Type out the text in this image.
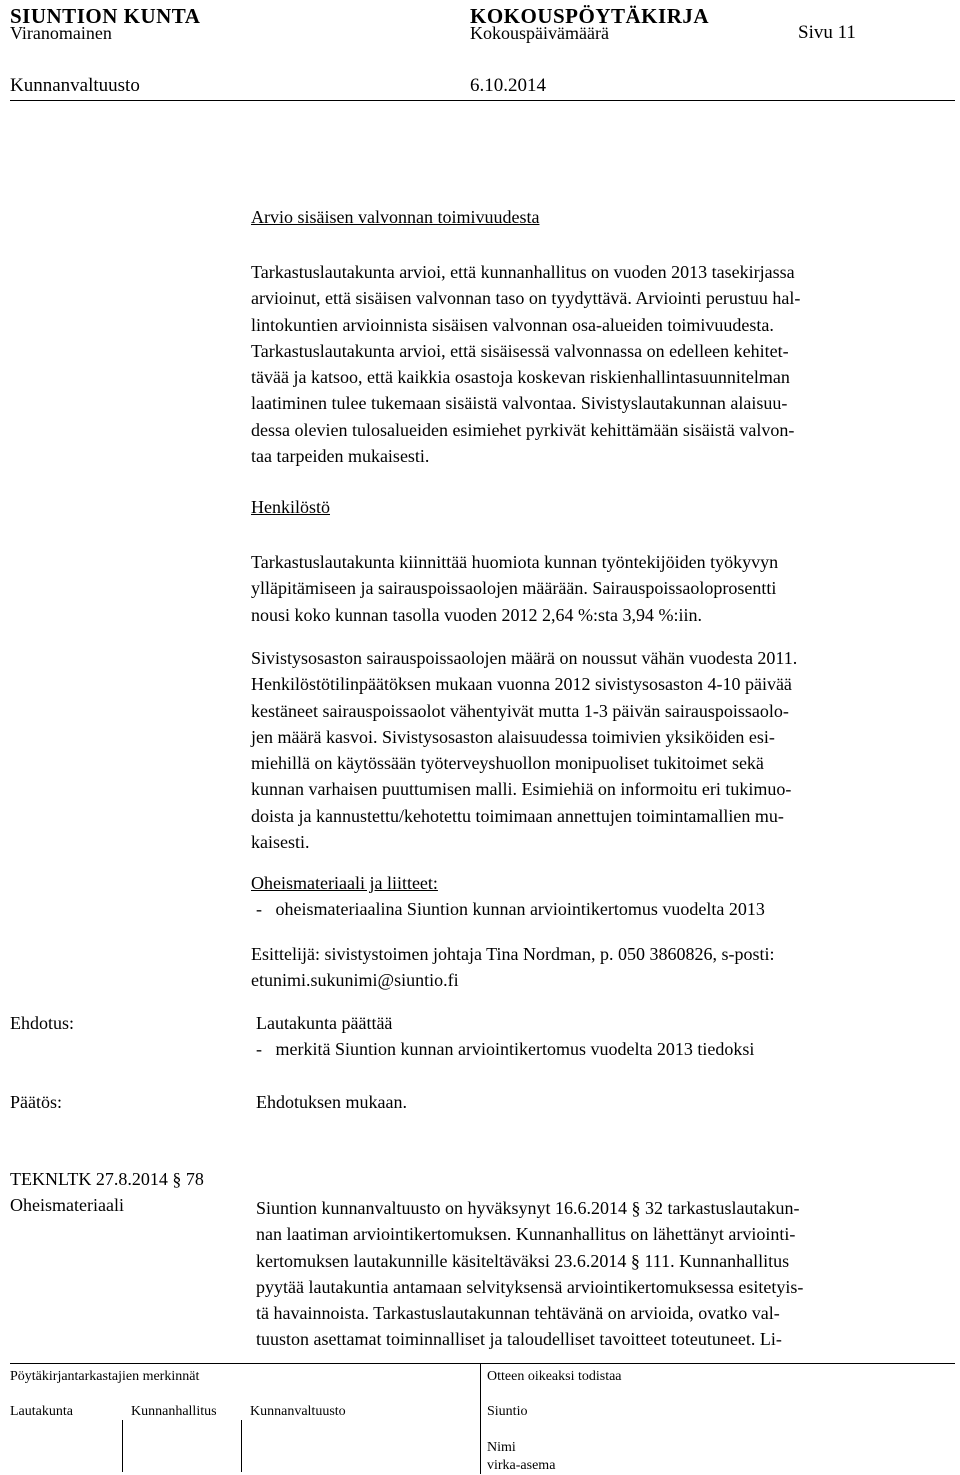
SIUNTION KUNTA	KOKOUSPÖYTÄKIRJA
Viranomainen	Kokouspäivämäärä	Sivu 11
Kunnanvaltuusto	6.10.2014
Arvio sisäisen valvonnan toimivuudesta

Tarkastuslautakunta arvioi, että kunnanhallitus on vuoden 2013 tasekirjassa

arvioinut, että sisäisen valvonnan taso on tyydyttävä. Arviointi perustuu hal-

lintokuntien arvioinnista sisäisen valvonnan osa-alueiden toimivuudesta.

Tarkastuslautakunta arvioi, että sisäisessä valvonnassa on edelleen kehitet-

tävää ja katsoo, että kaikkia osastoja koskevan riskienhallintasuunnitelman

laatiminen tulee tukemaan sisäistä valvontaa. Sivistyslautakunnan alaisuu-

dessa olevien tulosalueiden esimiehet pyrkivät kehittämään sisäistä valvon-

taa tarpeiden mukaisesti.

Henkilöstö

Tarkastuslautakunta kiinnittää huomiota kunnan työntekijöiden työkyvyn

ylläpitämiseen ja sairauspoissaolojen määrään. Sairauspoissaoloprosentti

nousi koko kunnan tasolla vuoden 2012 2,64 %:sta 3,94 %:iin.

Sivistysosaston sairauspoissaolojen määrä on noussut vähän vuodesta 2011.

Henkilöstötilinpäätöksen mukaan vuonna 2012 sivistysosaston 4-10 päivää

kestäneet sairauspoissaolot vähentyivät mutta 1-3 päivän sairauspoissaolo-

jen määrä kasvoi. Sivistysosaston alaisuudessa toimivien yksiköiden esi-

miehillä on käytössään työterveyshuollon monipuoliset tukitoimet sekä

kunnan varhaisen puuttumisen malli. Esimiehiä on informoitu eri tukimuo-

doista ja kannustettu/kehotettu toimimaan annettujen toimintamallien mu-

kaisesti.

Oheismateriaali ja liitteet:
-   oheismateriaalina Siuntion kunnan arviointikertomus vuodelta 2013

Esittelijä: sivistystoimen johtaja Tina Nordman, p. 050 3860826, s-posti:

etunimi.sukunimi@siuntio.fi

Ehdotus:	Lautakunta päättää
-   merkitä Siuntion kunnan arviointikertomus vuodelta 2013 tiedoksi
Päätös:	Ehdotuksen mukaan.
TEKNLTK 27.8.2014 § 78
Oheismateriaali	Siuntion kunnanvaltuusto on hyväksynyt 16.6.2014 § 32 tarkastuslautakun-

nan laatiman arviointikertomuksen. Kunnanhallitus on lähettänyt arviointi-

kertomuksen lautakunnille käsiteltäväksi 23.6.2014 § 111. Kunnanhallitus

pyytää lautakuntia antamaan selvityksensä arviointikertomuksessa esitetyis-

tä havainnoista. Tarkastuslautakunnan tehtävänä on arvioida, ovatko val-

tuuston asettamat toiminnalliset ja taloudelliset tavoitteet toteutuneet. Li-

Pöytäkirjantarkastajien merkinnät	Otteen oikeaksi todistaa
Lautakunta	Kunnanhallitus Kunnanvaltuusto	Siuntio
Nimi
virka-asema
